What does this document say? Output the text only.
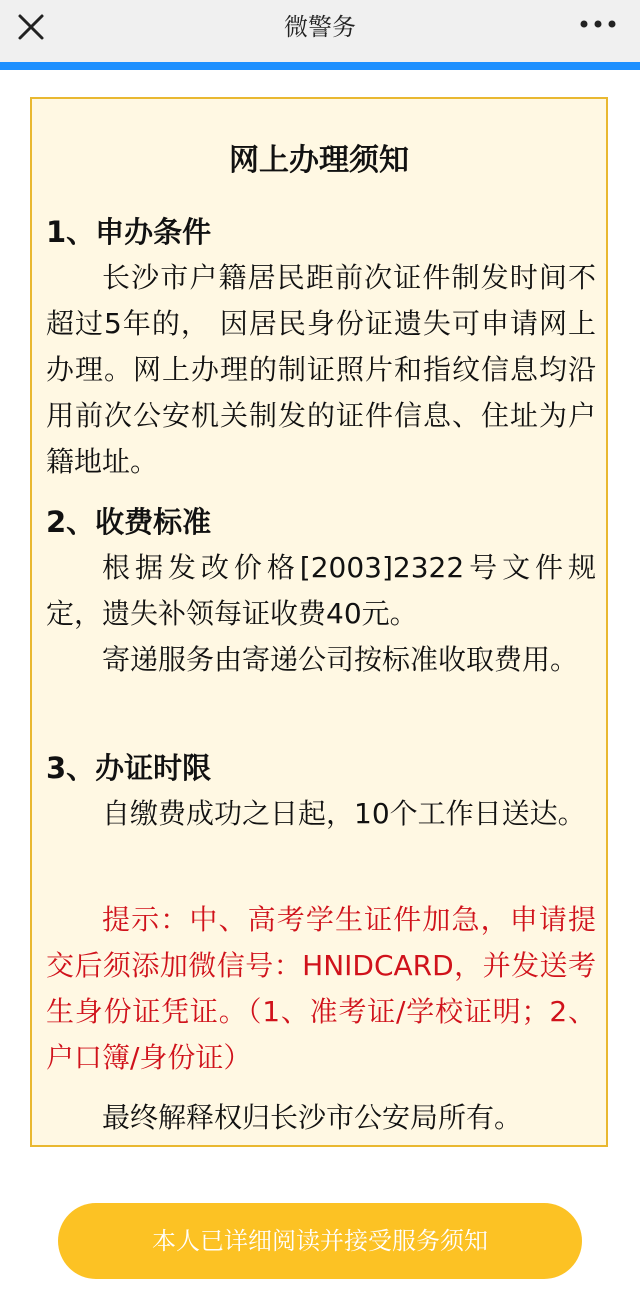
微警务
网上办理须知
1、申办条件

长沙市户籍居民距前次证件制发时间不超过5年的， 因居民身份证遗失可申请网上办理。网上办理的制证照片和指纹信息均沿用前次公安机关制发的证件信息、住址为户籍地址。

2、收费标准

根据发改价格[2003]2322号文件规定，遗失补领每证收费40元。

寄递服务由寄递公司按标准收取费用。

3、办证时限

自缴费成功之日起，10个工作日送达。

提示：中、高考学生证件加急，申请提交后须添加微信号：HNIDCARD，并发送考生身份证凭证。（1、准考证/学校证明；2、户口簿/身份证）

最终解释权归长沙市公安局所有。

本人已详细阅读并接受服务须知
